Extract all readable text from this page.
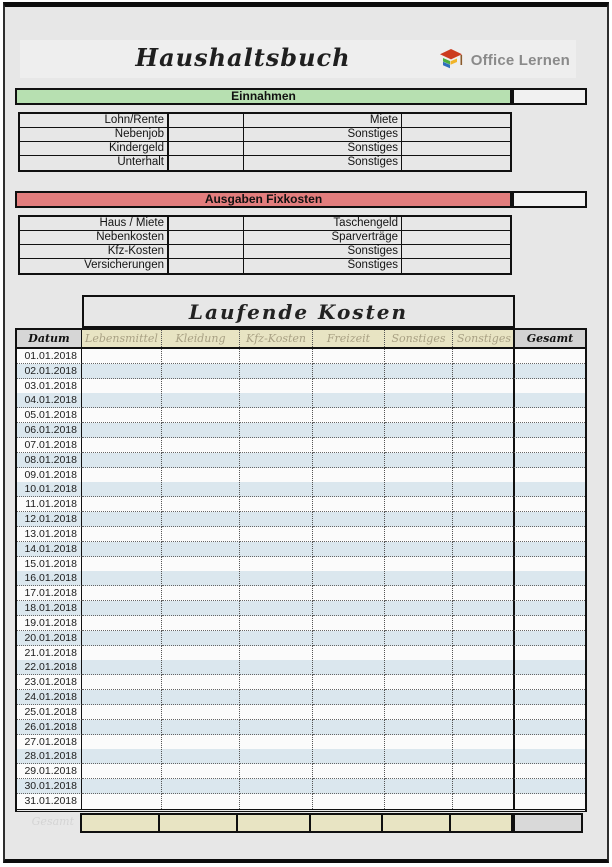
Haushaltsbuch	Office Lernen
Einnahmen
Lohn/Rente	Miete
Nebenjob	Sonstiges
Kindergeld	Sonstiges
Unterhalt	Sonstiges
Ausgaben Fixkosten
Haus / Miete	Taschengeld
Nebenkosten	Sparverträge
Kfz-Kosten	Sonstiges
Versicherungen	Sonstiges
Laufende Kosten
Datum	Lebensmittel	Kleidung	Kfz-Kosten	Freizeit	Sonstiges	Sonstiges	Gesamt
01.01.2018
02.01.2018
03.01.2018
04.01.2018
05.01.2018
06.01.2018
07.01.2018
08.01.2018
09.01.2018
10.01.2018
11.01.2018
12.01.2018
13.01.2018
14.01.2018
15.01.2018
16.01.2018
17.01.2018
18.01.2018
19.01.2018
20.01.2018
21.01.2018
22.01.2018
23.01.2018
24.01.2018
25.01.2018
26.01.2018
27.01.2018
28.01.2018
29.01.2018
30.01.2018
31.01.2018
Gesamt
